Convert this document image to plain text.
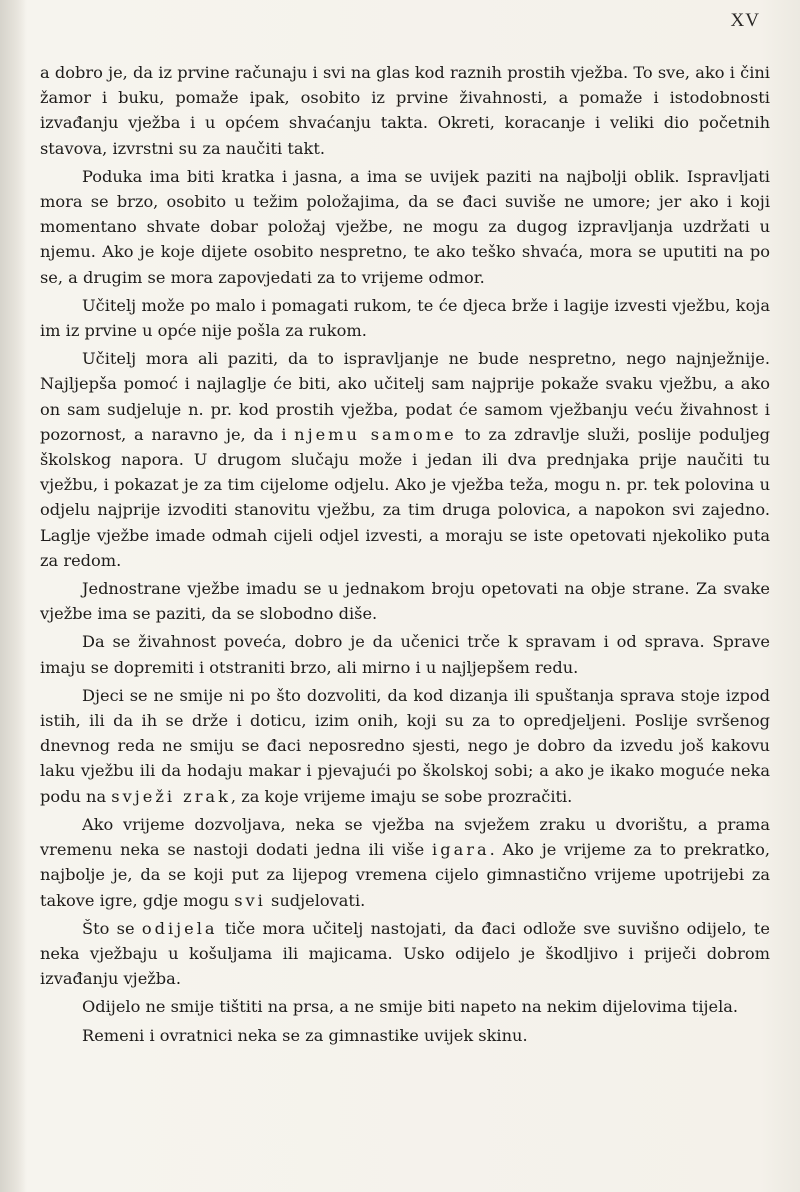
XV

a dobro je, da iz prvine računaju i svi na glas kod raznih prostih vježba. To sve, ako i čini žamor i buku, pomaže ipak, osobito iz prvine živahnosti, a pomaže i istodobnosti izvađanju vježba i u općem shvaćanju takta. Okreti, koracanje i veliki dio početnih stavova, izvrstni su za naučiti takt.

Poduka ima biti kratka i jasna, a ima se uvijek paziti na najbolji oblik. Ispravljati mora se brzo, osobito u težim položajima, da se đaci suviše ne umore; jer ako i koji momentano shvate dobar položaj vježbe, ne mogu za dugog izpravljanja uzdržati u njemu. Ako je koje dijete osobito nespretno, te ako teško shvaća, mora se uputiti na po se, a drugim se mora zapovjedati za to vrijeme odmor.

Učitelj može po malo i pomagati rukom, te će djeca brže i lagije izvesti vježbu, koja im iz prvine u opće nije pošla za rukom.

Učitelj mora ali paziti, da to ispravljanje ne bude nespretno, nego najnježnije. Najljepša pomoć i najlaglje će biti, ako učitelj sam najprije pokaže svaku vježbu, a ako on sam sudjeluje n. pr. kod prostih vježba, podat će samom vježbanju veću živahnost i pozornost, a naravno je, da i njemu samome to za zdravlje služi, poslije poduljeg školskog napora. U drugom slučaju može i jedan ili dva prednjaka prije naučiti tu vježbu, i pokazat je za tim cijelome odjelu. Ako je vježba teža, mogu n. pr. tek polovina u odjelu najprije izvoditi stanovitu vježbu, za tim druga polovica, a napokon svi zajedno. Laglje vježbe imade odmah cijeli odjel izvesti, a moraju se iste opetovati njekoliko puta za redom.

Jednostrane vježbe imadu se u jednakom broju opetovati na obje strane. Za svake vježbe ima se paziti, da se slobodno diše.

Da se živahnost poveća, dobro je da učenici trče k spravam i od sprava. Sprave imaju se dopremiti i otstraniti brzo, ali mirno i u najljepšem redu.

Djeci se ne smije ni po što dozvoliti, da kod dizanja ili spuštanja sprava stoje izpod istih, ili da ih se drže i doticu, izim onih, koji su za to opredjeljeni. Poslije svršenog dnevnog reda ne smiju se đaci neposredno sjesti, nego je dobro da izvedu još kakovu laku vježbu ili da hodaju makar i pjevajući po školskoj sobi; a ako je ikako moguće neka podu na svježi zrak, za koje vrijeme imaju se sobe prozračiti.

Ako vrijeme dozvoljava, neka se vježba na svježem zraku u dvorištu, a prama vremenu neka se nastoji dodati jedna ili više igara. Ako je vrijeme za to prekratko, najbolje je, da se koji put za lijepog vremena cijelo gimnastično vrijeme upotrijebi za takove igre, gdje mogu svi sudjelovati.

Što se odijela tiče mora učitelj nastojati, da đaci odlože sve suvišno odijelo, te neka vježbaju u košuljama ili majicama. Usko odijelo je škodljivo i priječi dobrom izvađanju vježba.

Odijelo ne smije tištiti na prsa, a ne smije biti napeto na nekim dijelovima tijela.

Remeni i ovratnici neka se za gimnastike uvijek skinu.
